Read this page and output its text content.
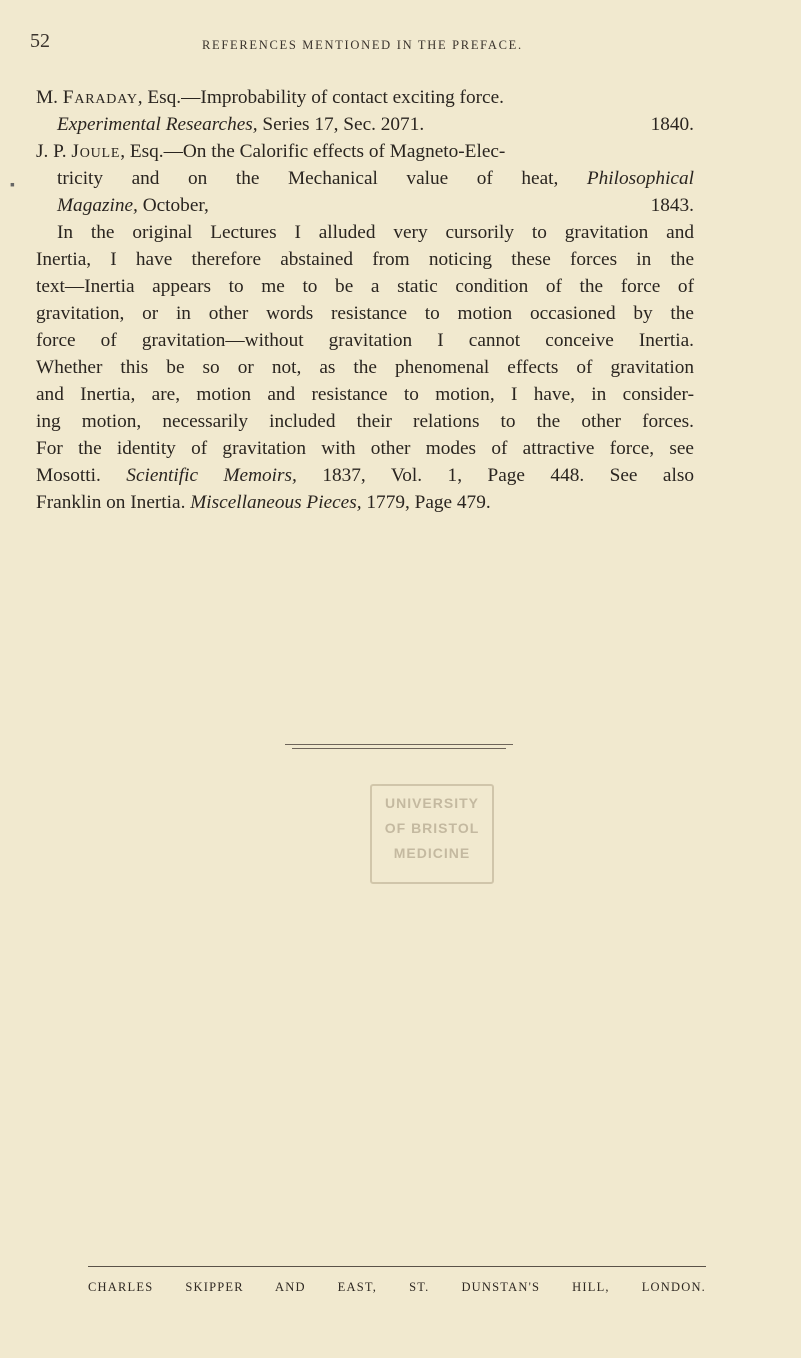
52	REFERENCES MENTIONED IN THE PREFACE.
▪
M. Faraday, Esq.—Improbability of contact exciting force.
Experimental Researches, Series 17, Sec. 2071.	1840.
J. P. Joule, Esq.—On the Calorific effects of Magneto-Elec-
tricity and on the Mechanical value of heat, Philosophical
Magazine, October,	1843.
In the original Lectures I alluded very cursorily to gravitation and
Inertia, I have therefore abstained from noticing these forces in the
text—Inertia appears to me to be a static condition of the force of
gravitation, or in other words resistance to motion occasioned by the
force of gravitation—without gravitation I cannot conceive Inertia.
Whether this be so or not, as the phenomenal effects of gravitation
and Inertia, are, motion and resistance to motion, I have, in consider-
ing motion, necessarily included their relations to the other forces.
For the identity of gravitation with other modes of attractive force, see
Mosotti. Scientific Memoirs, 1837, Vol. 1, Page 448. See also
Franklin on Inertia. Miscellaneous Pieces, 1779, Page 479.
UNIVERSITY
OF BRISTOL
MEDICINE
CHARLES SKIPPER AND EAST, ST. DUNSTAN'S HILL, LONDON.
